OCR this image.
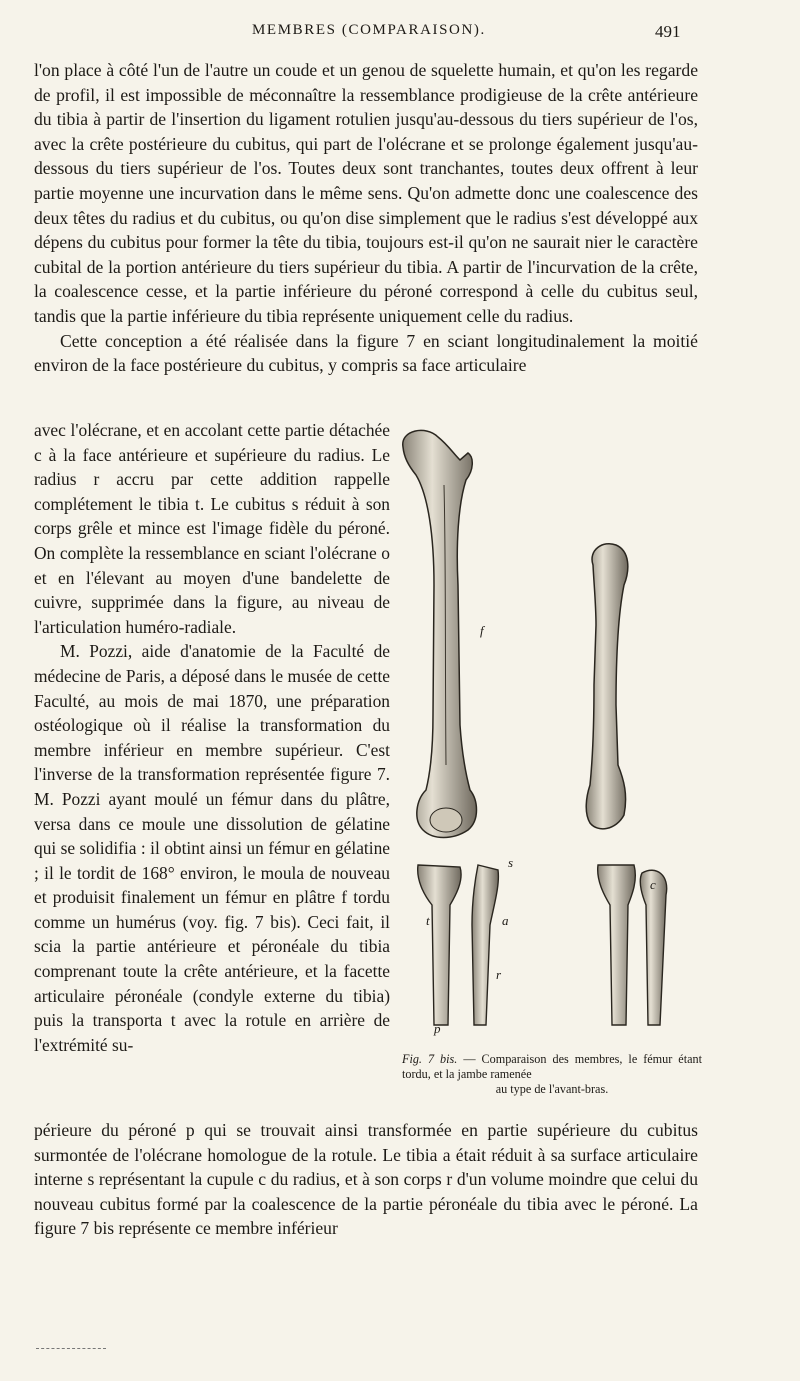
MEMBRES (COMPARAISON).	491

l'on place à côté l'un de l'autre un coude et un genou de squelette humain, et qu'on les regarde de profil, il est impossible de méconnaître la ressemblance prodigieuse de la crête antérieure du tibia à partir de l'insertion du ligament rotulien jusqu'au-dessous du tiers supérieur de l'os, avec la crête postérieure du cubitus, qui part de l'olécrane et se prolonge également jusqu'au-dessous du tiers supérieur de l'os. Toutes deux sont tranchantes, toutes deux offrent à leur partie moyenne une incurvation dans le même sens. Qu'on admette donc une coalescence des deux têtes du radius et du cubitus, ou qu'on dise simplement que le radius s'est développé aux dépens du cubitus pour former la tête du tibia, toujours est-il qu'on ne saurait nier le caractère cubital de la portion antérieure du tiers supérieur du tibia. A partir de l'incurvation de la crête, la coalescence cesse, et la partie inférieure du péroné correspond à celle du cubitus seul, tandis que la partie inférieure du tibia représente uniquement celle du radius.

Cette conception a été réalisée dans la figure 7 en sciant longitudinalement la moitié environ de la face postérieure du cubitus, y compris sa face articulaire

avec l'olécrane, et en accolant cette partie détachée c à la face antérieure et supérieure du radius. Le radius r accru par cette addition rappelle complétement le tibia t. Le cubitus s réduit à son corps grêle et mince est l'image fidèle du péroné. On complète la ressemblance en sciant l'olécrane o et en l'élevant au moyen d'une bandelette de cuivre, supprimée dans la figure, au niveau de l'articulation huméro-radiale.

M. Pozzi, aide d'anatomie de la Faculté de médecine de Paris, a déposé dans le musée de cette Faculté, au mois de mai 1870, une préparation ostéologique où il réalise la transformation du membre inférieur en membre supérieur. C'est l'inverse de la transformation représentée figure 7. M. Pozzi ayant moulé un fémur dans du plâtre, versa dans ce moule une dissolution de gélatine qui se solidifia : il obtint ainsi un fémur en gélatine ; il le tordit de 168° environ, le moula de nouveau et produisit finalement un fémur en plâtre f tordu comme un humérus (voy. fig. 7 bis). Ceci fait, il scia la partie antérieure et péronéale du tibia comprenant toute la crête antérieure, et la facette articulaire péronéale (condyle externe du tibia) puis la transporta t avec la rotule en arrière de l'extrémité su-

périeure du péroné p qui se trouvait ainsi transformée en partie supérieure du cubitus surmontée de l'olécrane homologue de la rotule. Le tibia a était réduit à sa surface articulaire interne s représentant la cupule c du radius, et à son corps r d'un volume moindre que celui du nouveau cubitus formé par la coalescence de la partie péronéale du tibia avec le péroné. La figure 7 bis représente ce membre inférieur

f
s
t	a
r
p
c
Fig. 7 bis. — Comparaison des membres, le fémur étant tordu, et la jambe ramenée
au type de l'avant-bras.
